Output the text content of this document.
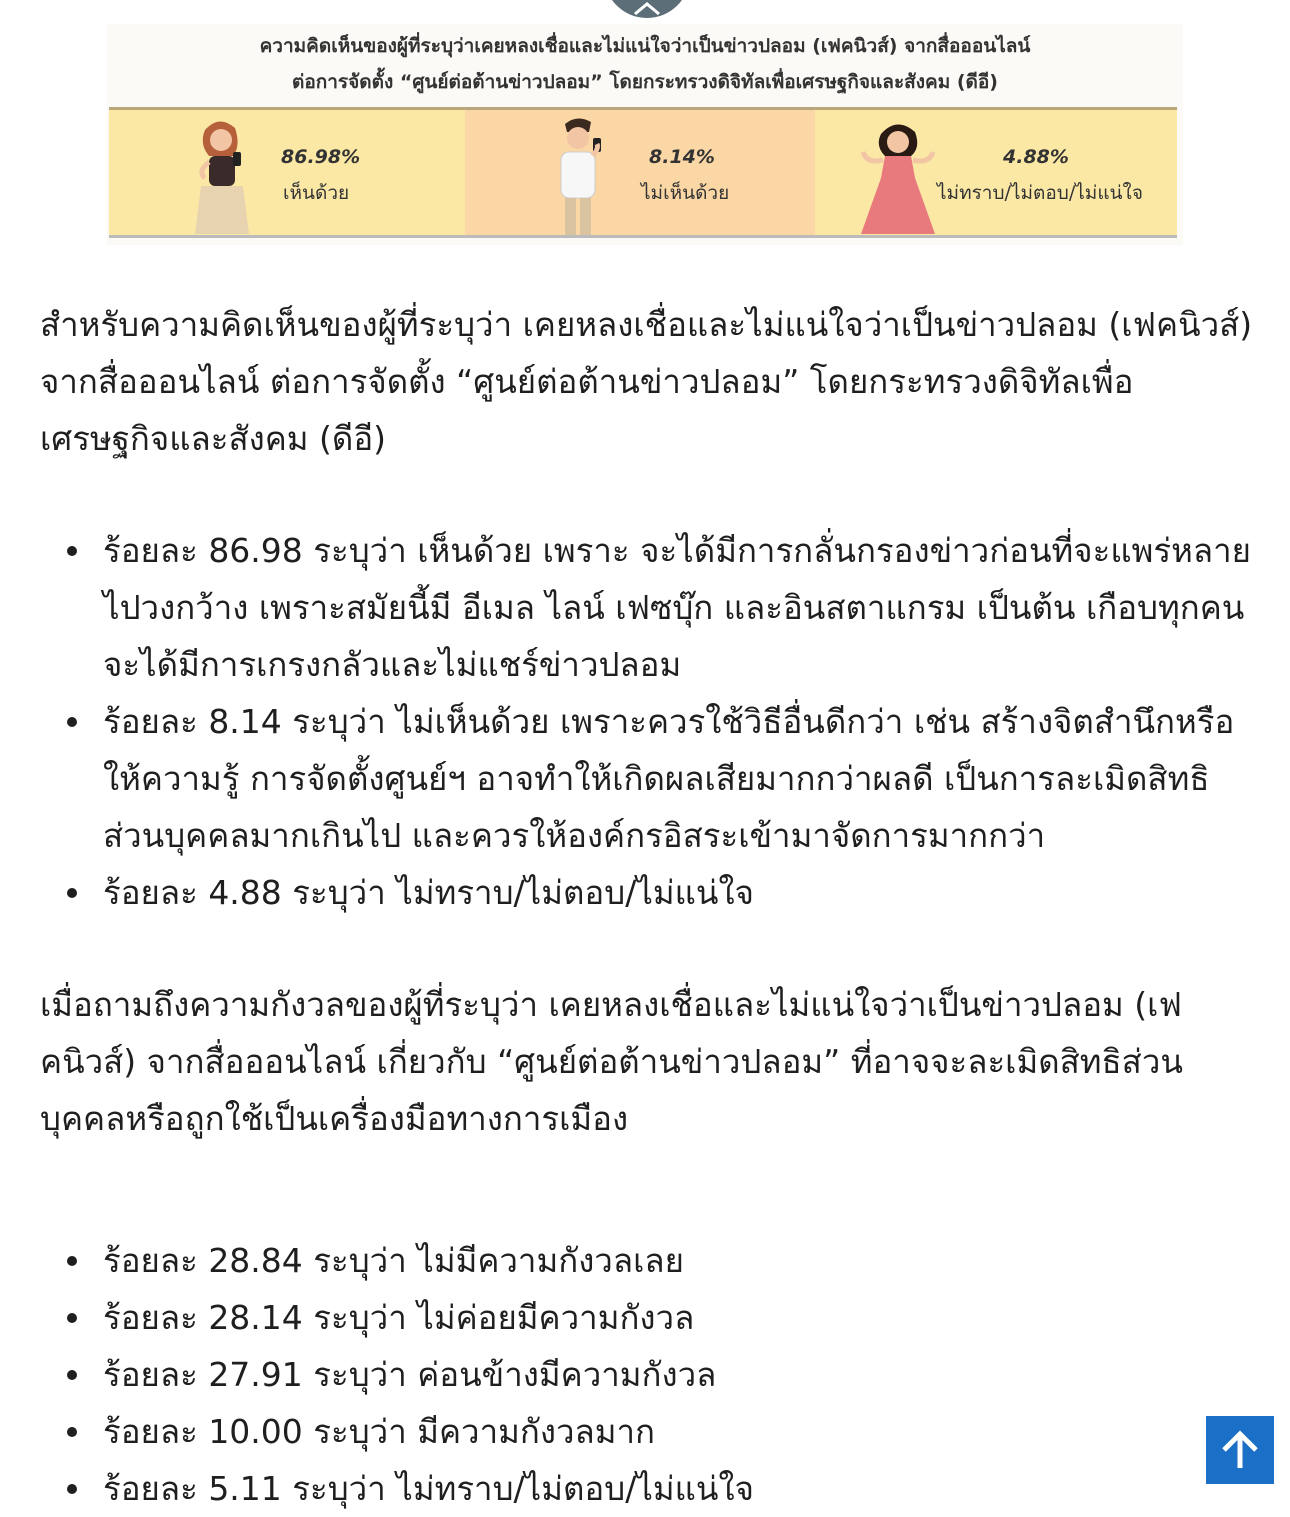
ความคิดเห็นของผู้ที่ระบุว่าเคยหลงเชื่อและไม่แน่ใจว่าเป็นข่าวปลอม (เฟคนิวส์) จากสื่อออนไลน์
ต่อการจัดตั้ง “ศูนย์ต่อต้านข่าวปลอม” โดยกระทรวงดิจิทัลเพื่อเศรษฐกิจและสังคม (ดีอี)
86.98%
เห็นด้วย
8.14%
ไม่เห็นด้วย
4.88%
ไม่ทราบ/ไม่ตอบ/ไม่แน่ใจ

สำหรับความคิดเห็นของผู้ที่ระบุว่า เคยหลงเชื่อและไม่แน่ใจว่าเป็นข่าวปลอม (เฟคนิวส์) จากสื่อออนไลน์ ต่อการจัดตั้ง “ศูนย์ต่อต้านข่าวปลอม” โดยกระทรวงดิจิทัลเพื่อเศรษฐกิจและสังคม (ดีอี)

ร้อยละ 86.98 ระบุว่า เห็นด้วย เพราะ จะได้มีการกลั่นกรองข่าวก่อนที่จะแพร่หลายไปวงกว้าง เพราะสมัยนี้มี อีเมล ไลน์ เฟซบุ๊ก และอินสตาแกรม เป็นต้น เกือบทุกคน จะได้มีการเกรงกลัวและไม่แชร์ข่าวปลอม
ร้อยละ 8.14 ระบุว่า ไม่เห็นด้วย เพราะควรใช้วิธีอื่นดีกว่า เช่น สร้างจิตสำนึกหรือให้ความรู้ การจัดตั้งศูนย์ฯ อาจทำให้เกิดผลเสียมากกว่าผลดี เป็นการละเมิดสิทธิส่วนบุคคลมากเกินไป และควรให้องค์กรอิสระเข้ามาจัดการมากกว่า
ร้อยละ 4.88 ระบุว่า ไม่ทราบ/ไม่ตอบ/ไม่แน่ใจ

เมื่อถามถึงความกังวลของผู้ที่ระบุว่า เคยหลงเชื่อและไม่แน่ใจว่าเป็นข่าวปลอม (เฟคนิวส์) จากสื่อออนไลน์ เกี่ยวกับ “ศูนย์ต่อต้านข่าวปลอม” ที่อาจจะละเมิดสิทธิส่วนบุคคลหรือถูกใช้เป็นเครื่องมือทางการเมือง

ร้อยละ 28.84 ระบุว่า ไม่มีความกังวลเลย
ร้อยละ 28.14 ระบุว่า ไม่ค่อยมีความกังวล
ร้อยละ 27.91 ระบุว่า ค่อนข้างมีความกังวล
ร้อยละ 10.00 ระบุว่า มีความกังวลมาก
ร้อยละ 5.11 ระบุว่า ไม่ทราบ/ไม่ตอบ/ไม่แน่ใจ
